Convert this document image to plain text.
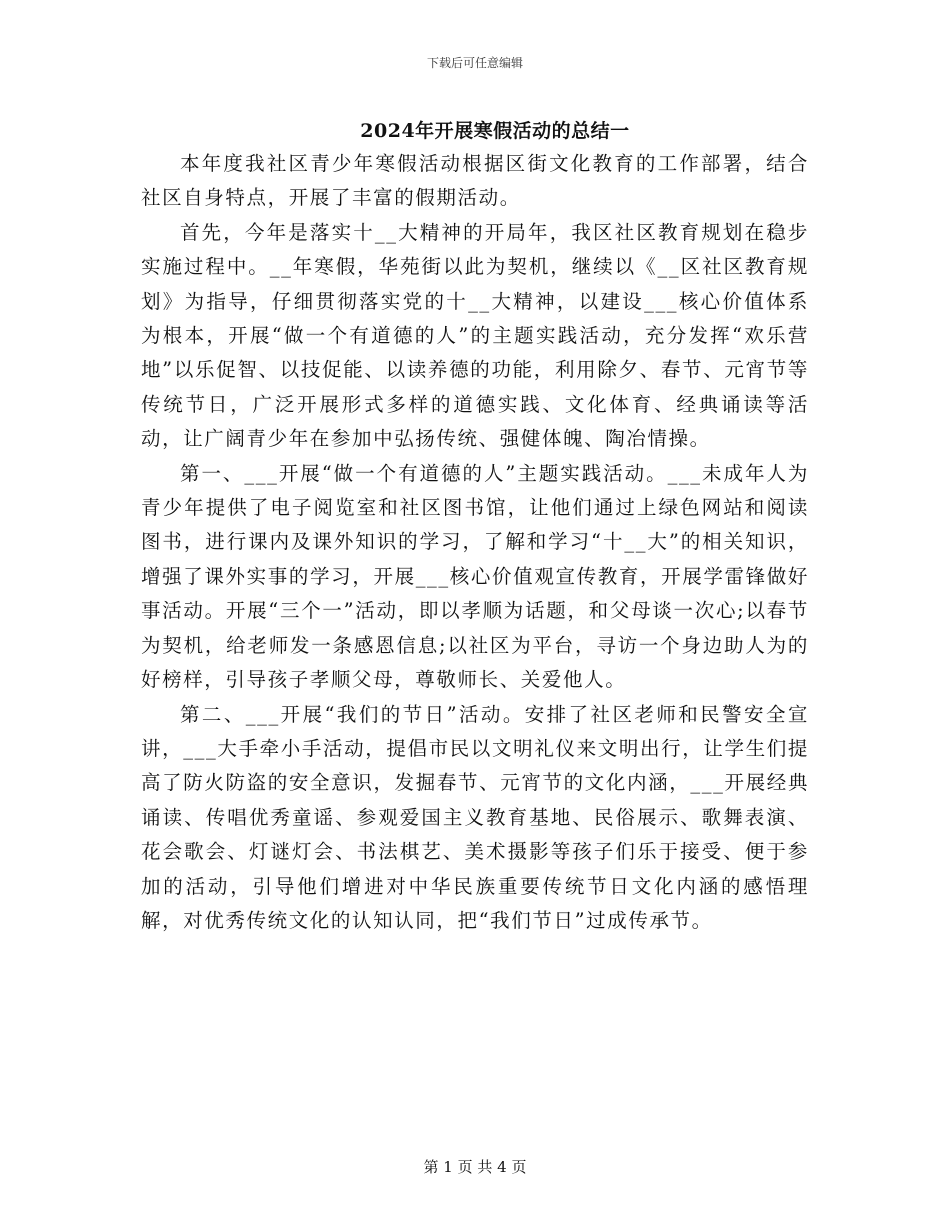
下载后可任意编辑
2024年开展寒假活动的总结一

本年度我社区青少年寒假活动根据区街文化教育的工作部署，结合社区自身特点，开展了丰富的假期活动。

首先，今年是落实十__大精神的开局年，我区社区教育规划在稳步实施过程中。__年寒假，华苑街以此为契机，继续以《__区社区教育规划》为指导，仔细贯彻落实党的十__大精神，以建设___核心价值体系为根本，开展“做一个有道德的人”的主题实践活动，充分发挥“欢乐营地”以乐促智、以技促能、以读养德的功能，利用除夕、春节、元宵节等传统节日，广泛开展形式多样的道德实践、文化体育、经典诵读等活动，让广阔青少年在参加中弘扬传统、强健体魄、陶冶情操。

第一、___开展“做一个有道德的人”主题实践活动。___未成年人为青少年提供了电子阅览室和社区图书馆，让他们通过上绿色网站和阅读图书，进行课内及课外知识的学习，了解和学习“十__大”的相关知识，增强了课外实事的学习，开展___核心价值观宣传教育，开展学雷锋做好事活动。开展“三个一”活动，即以孝顺为话题，和父母谈一次心;以春节为契机，给老师发一条感恩信息;以社区为平台，寻访一个身边助人为的好榜样，引导孩子孝顺父母，尊敬师长、关爱他人。

第二、___开展“我们的节日”活动。安排了社区老师和民警安全宣讲，___大手牵小手活动，提倡市民以文明礼仪来文明出行，让学生们提高了防火防盗的安全意识，发掘春节、元宵节的文化内涵，___开展经典诵读、传唱优秀童谣、参观爱国主义教育基地、民俗展示、歌舞表演、花会歌会、灯谜灯会、书法棋艺、美术摄影等孩子们乐于接受、便于参加的活动，引导他们增进对中华民族重要传统节日文化内涵的感悟理解，对优秀传统文化的认知认同，把“我们节日”过成传承节。

第 1 页 共 4 页
